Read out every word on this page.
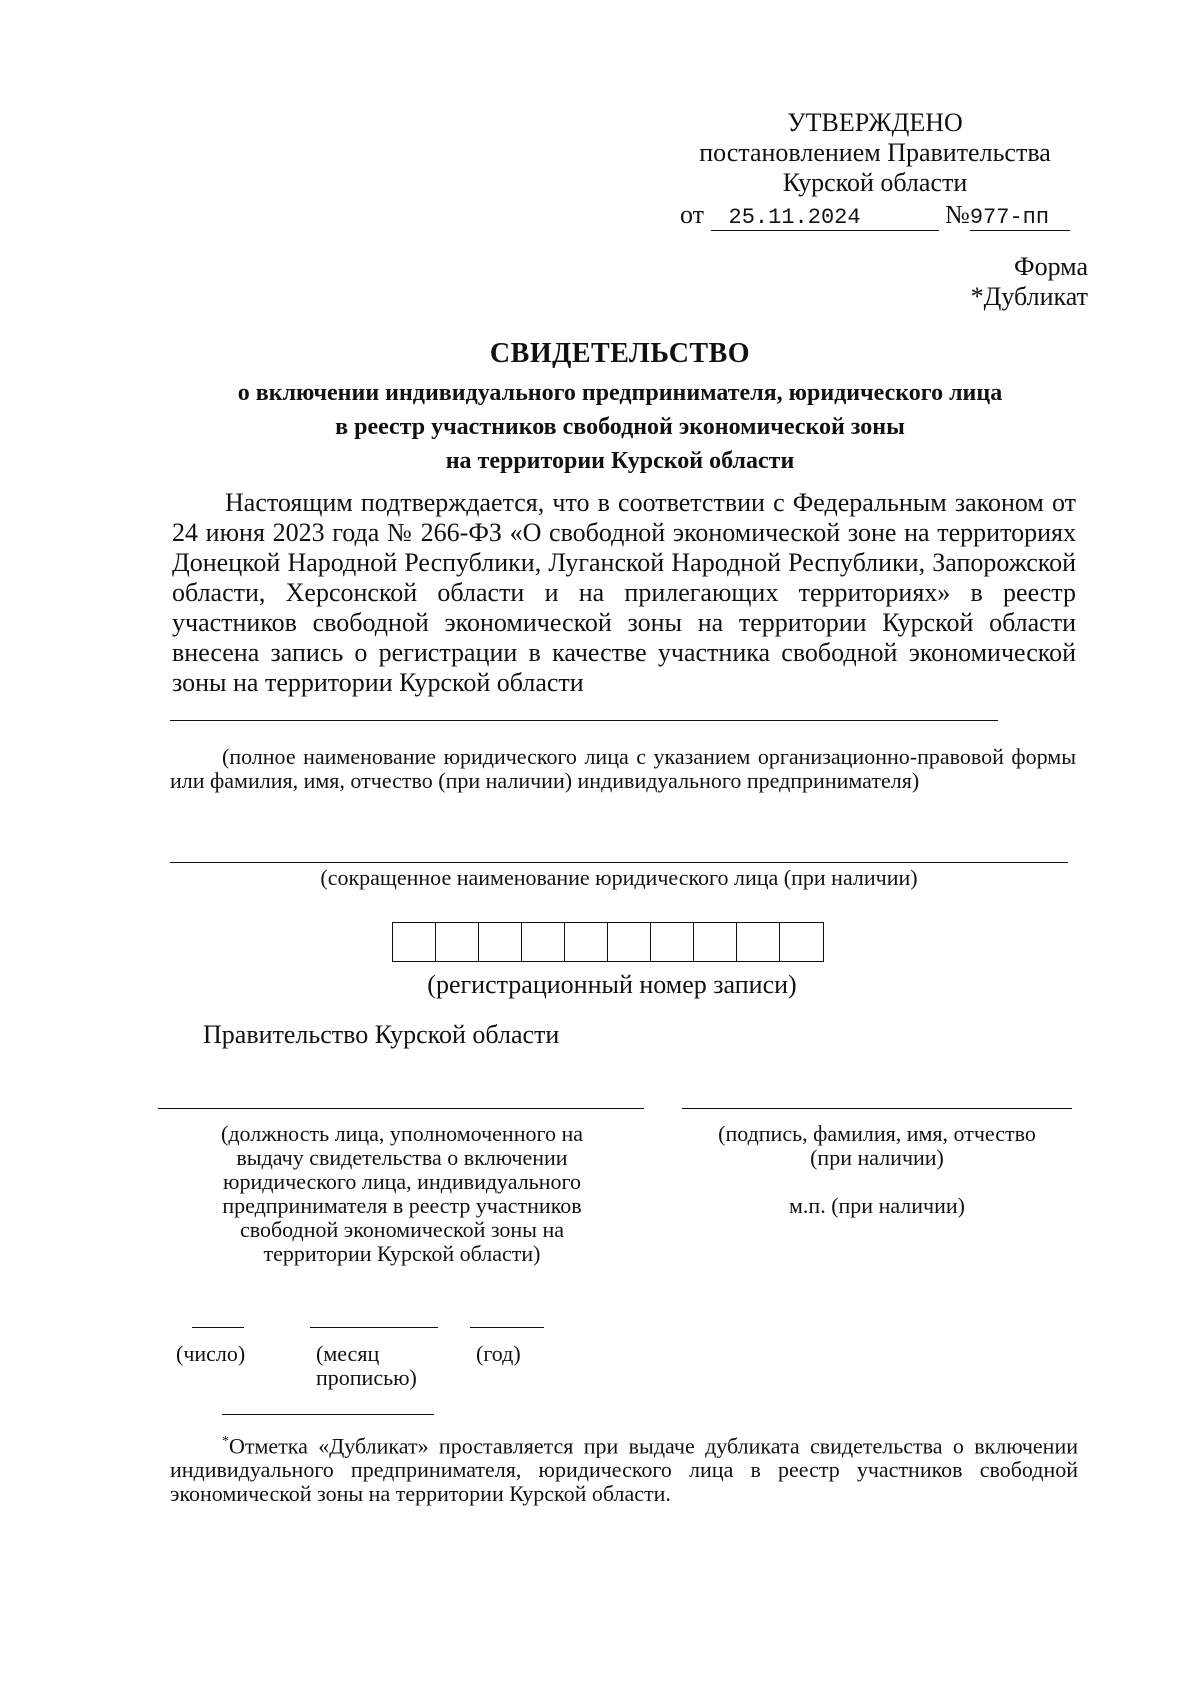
УТВЕРЖДЕНО
постановлением Правительства
Курской области
от 25.11.2024	№977-пп
Форма
*Дубликат
СВИДЕТЕЛЬСТВО
о включении индивидуального предпринимателя, юридического лица
в реестр участников свободной экономической зоны
на территории Курской области
Настоящим подтверждается, что в соответствии с Федеральным законом от 24 июня 2023 года № 266-ФЗ «О свободной экономической зоне на территориях Донецкой Народной Республики, Луганской Народной Республики, Запорожской области, Херсонской области и на прилегающих территориях» в реестр участников свободной экономической зоны на территории Курской области внесена запись о регистрации в качестве участника свободной экономической зоны на территории Курской области
(полное наименование юридического лица с указанием организационно-правовой формы или фамилия, имя, отчество (при наличии) индивидуального предпринимателя)
(сокращенное наименование юридического лица (при наличии)
(регистрационный номер записи)
Правительство Курской области
(должность лица, уполномоченного на
выдачу свидетельства о включении
юридического лица, индивидуального
предпринимателя в реестр участников
свободной экономической зоны на
территории Курской области)
(подпись, фамилия, имя, отчество
(при наличии)
м.п. (при наличии)
(число)	(месяц
прописью)
(год)
*Отметка «Дубликат» проставляется при выдаче дубликата свидетельства о включении индивидуального предпринимателя, юридического лица в реестр участников свободной экономической зоны на территории Курской области.
